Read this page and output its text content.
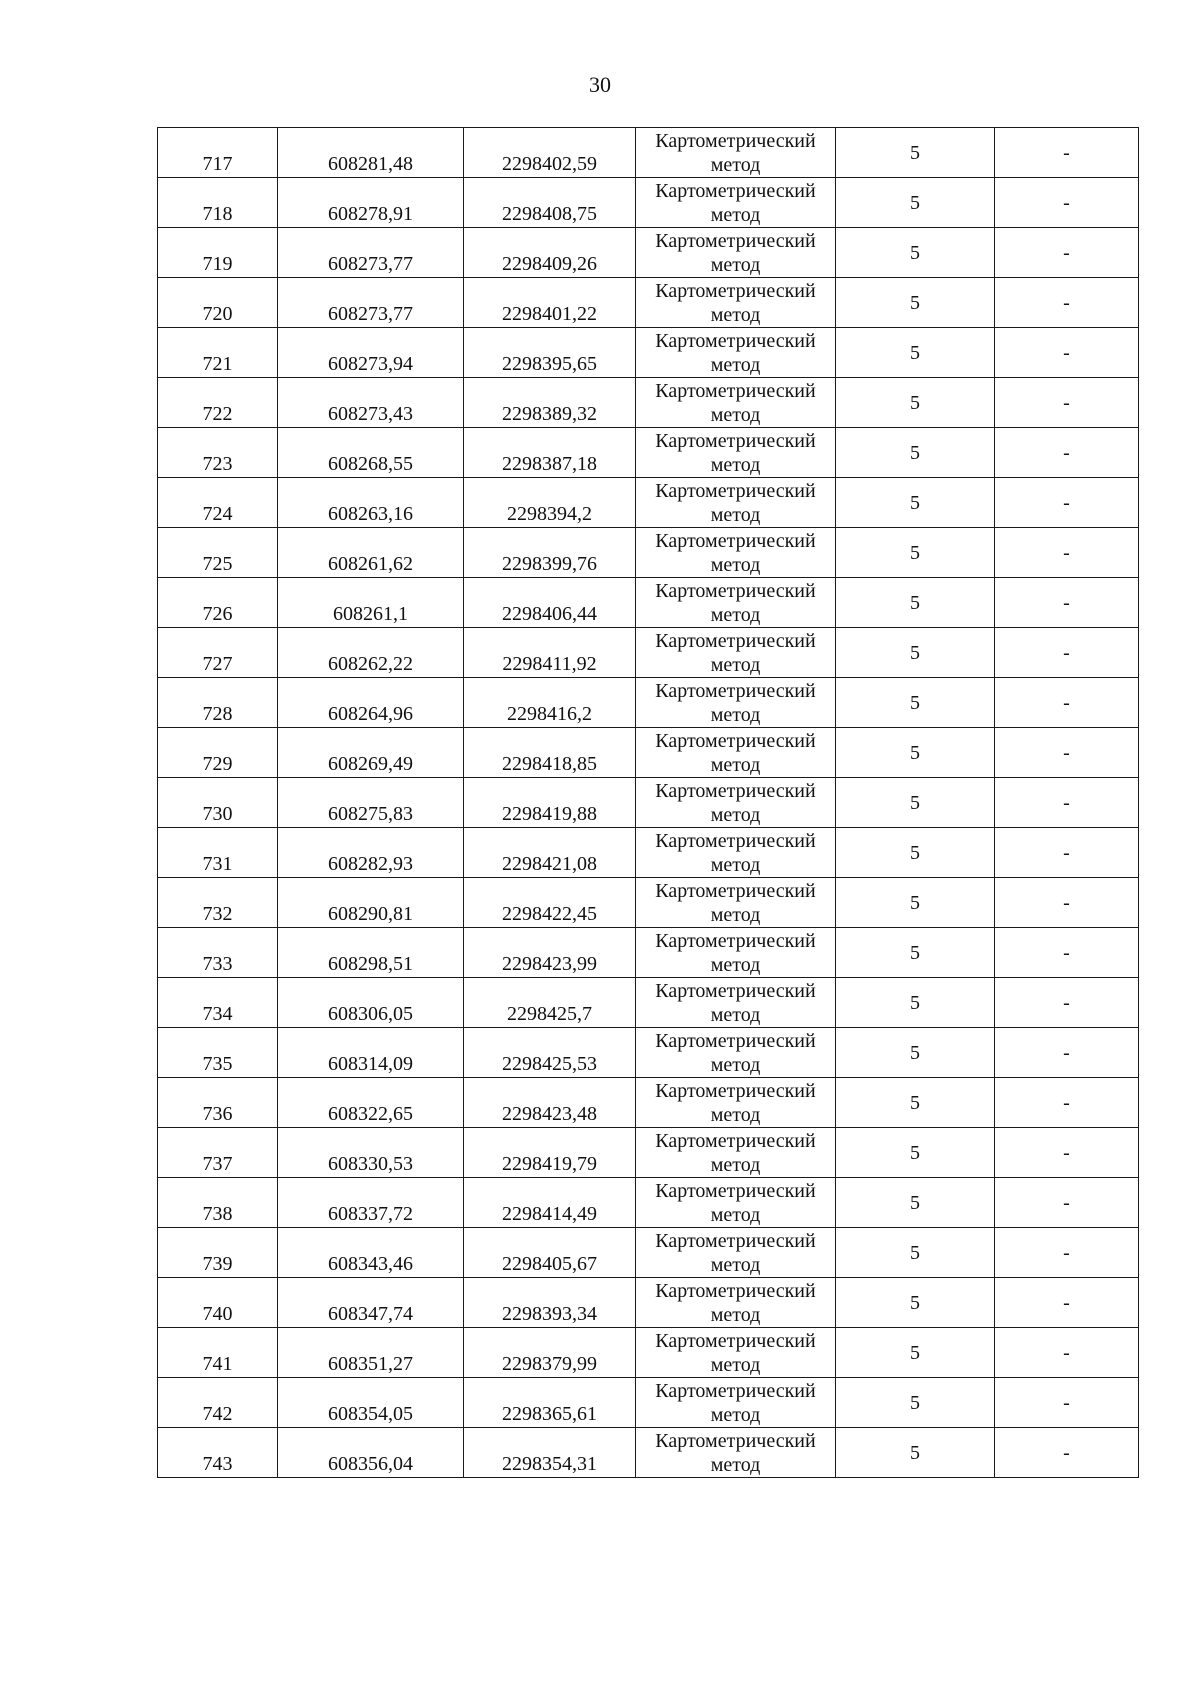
30
717	608281,48	2298402,59	Картометрический метод	5	-
718	608278,91	2298408,75	Картометрический метод	5	-
719	608273,77	2298409,26	Картометрический метод	5	-
720	608273,77	2298401,22	Картометрический метод	5	-
721	608273,94	2298395,65	Картометрический метод	5	-
722	608273,43	2298389,32	Картометрический метод	5	-
723	608268,55	2298387,18	Картометрический метод	5	-
724	608263,16	2298394,2	Картометрический метод	5	-
725	608261,62	2298399,76	Картометрический метод	5	-
726	608261,1	2298406,44	Картометрический метод	5	-
727	608262,22	2298411,92	Картометрический метод	5	-
728	608264,96	2298416,2	Картометрический метод	5	-
729	608269,49	2298418,85	Картометрический метод	5	-
730	608275,83	2298419,88	Картометрический метод	5	-
731	608282,93	2298421,08	Картометрический метод	5	-
732	608290,81	2298422,45	Картометрический метод	5	-
733	608298,51	2298423,99	Картометрический метод	5	-
734	608306,05	2298425,7	Картометрический метод	5	-
735	608314,09	2298425,53	Картометрический метод	5	-
736	608322,65	2298423,48	Картометрический метод	5	-
737	608330,53	2298419,79	Картометрический метод	5	-
738	608337,72	2298414,49	Картометрический метод	5	-
739	608343,46	2298405,67	Картометрический метод	5	-
740	608347,74	2298393,34	Картометрический метод	5	-
741	608351,27	2298379,99	Картометрический метод	5	-
742	608354,05	2298365,61	Картометрический метод	5	-
743	608356,04	2298354,31	Картометрический метод	5	-
